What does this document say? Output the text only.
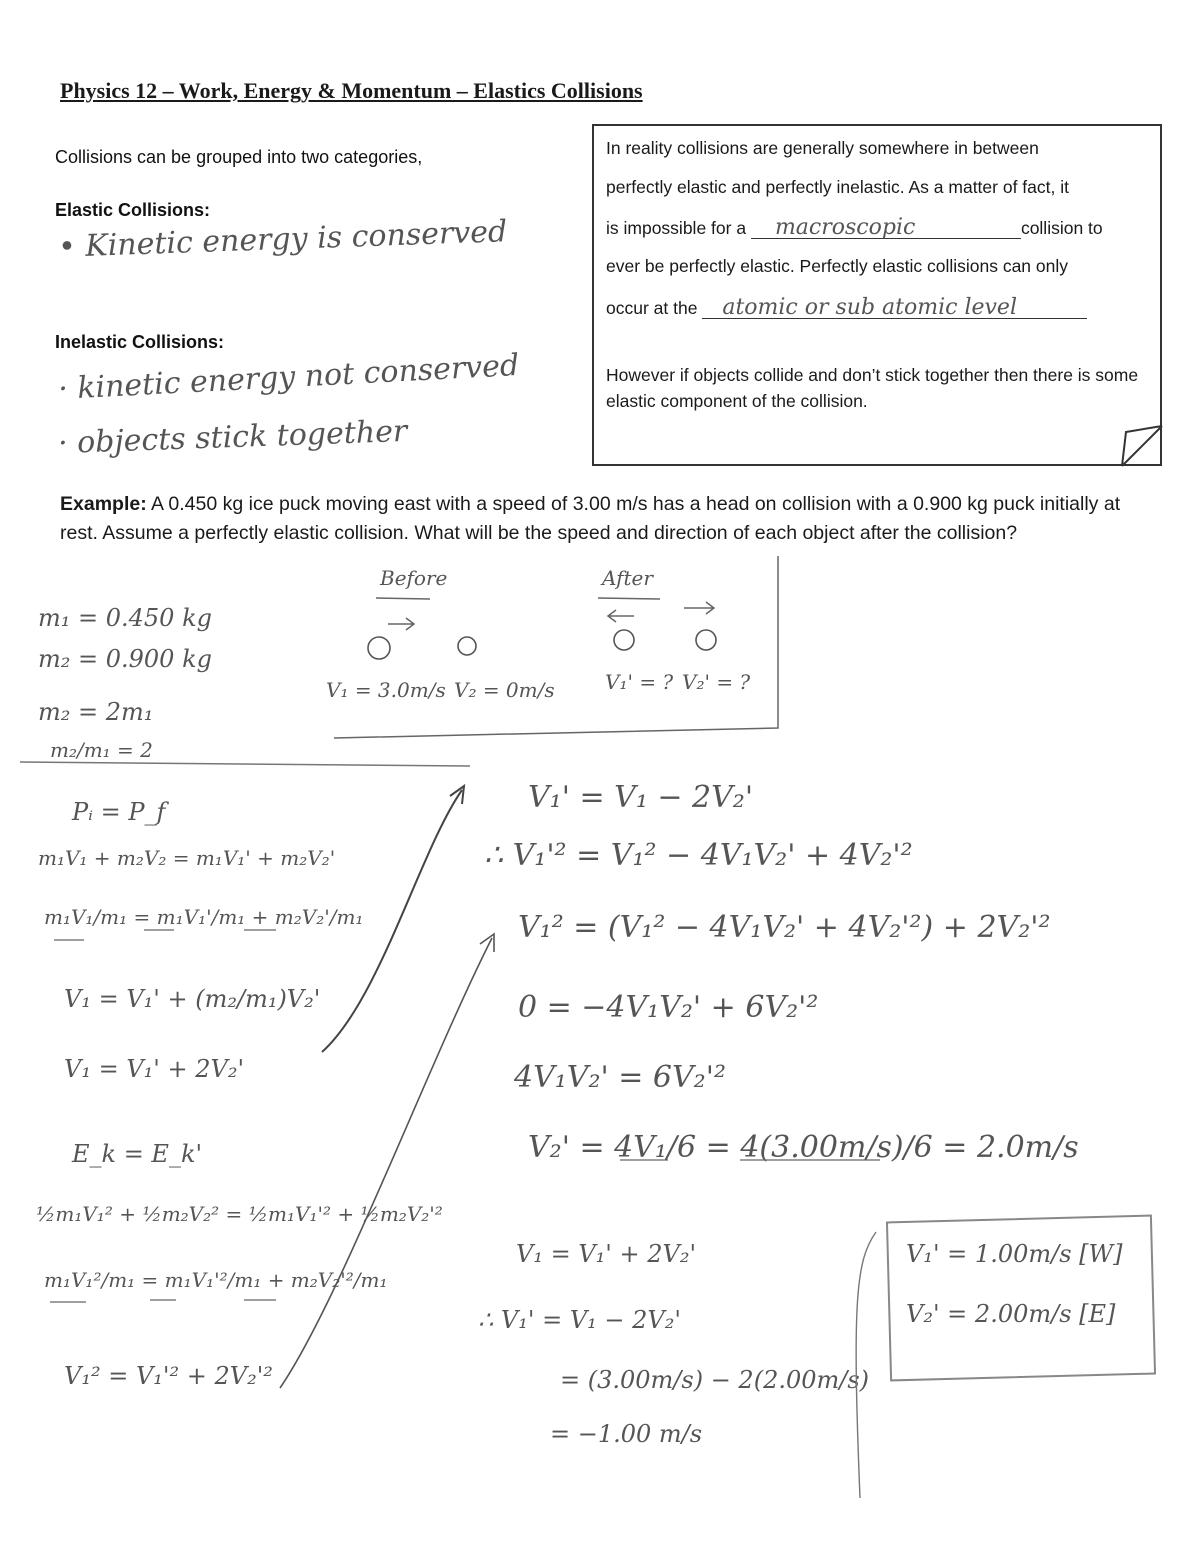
Physics 12 – Work, Energy & Momentum – Elastics Collisions
Collisions can be grouped into two categories,
Elastic Collisions:
• Kinetic energy is conserved
Inelastic Collisions:
· kinetic energy not conserved
· objects stick together
In reality collisions are generally somewhere in between
perfectly elastic and perfectly inelastic. As a matter of fact, it
is impossible for a macroscopic	collision to
ever be perfectly elastic. Perfectly elastic collisions can only
occur at the atomic or sub atomic level
However if objects collide and don’t stick together then there is some elastic component of the collision.
Example: A 0.450 kg ice puck moving east with a speed of 3.00 m/s has a head on collision with a 0.900 kg puck initially at rest. Assume a perfectly elastic collision. What will be the speed and direction of each object after the collision?
Before	After
V₁ = 3.0m/s V₂ = 0m/s	V₁' = ? V₂' = ?
m₁ = 0.450 kg
m₂ = 0.900 kg
m₂ = 2m₁
m₂/m₁ = 2
Pᵢ = P_f
m₁V₁ + m₂V₂ = m₁V₁' + m₂V₂'
m₁V₁/m₁ = m₁V₁'/m₁ + m₂V₂'/m₁
V₁ = V₁' + (m₂/m₁)V₂'
V₁ = V₁' + 2V₂'
E_k = E_k'
½m₁V₁² + ½m₂V₂² = ½m₁V₁'² + ½m₂V₂'²
m₁V₁²/m₁ = m₁V₁'²/m₁ + m₂V₂'²/m₁
V₁² = V₁'² + 2V₂'²
V₁' = V₁ − 2V₂'
∴ V₁'² = V₁² − 4V₁V₂' + 4V₂'²
V₁² = (V₁² − 4V₁V₂' + 4V₂'²) + 2V₂'²
0 = −4V₁V₂' + 6V₂'²
4V₁V₂' = 6V₂'²
V₂' = 4V₁/6 = 4(3.00m/s)/6 = 2.0m/s
V₁ = V₁' + 2V₂'
∴ V₁' = V₁ − 2V₂'
= (3.00m/s) − 2(2.00m/s)
= −1.00 m/s
V₁' = 1.00m/s [W]
V₂' = 2.00m/s [E]
